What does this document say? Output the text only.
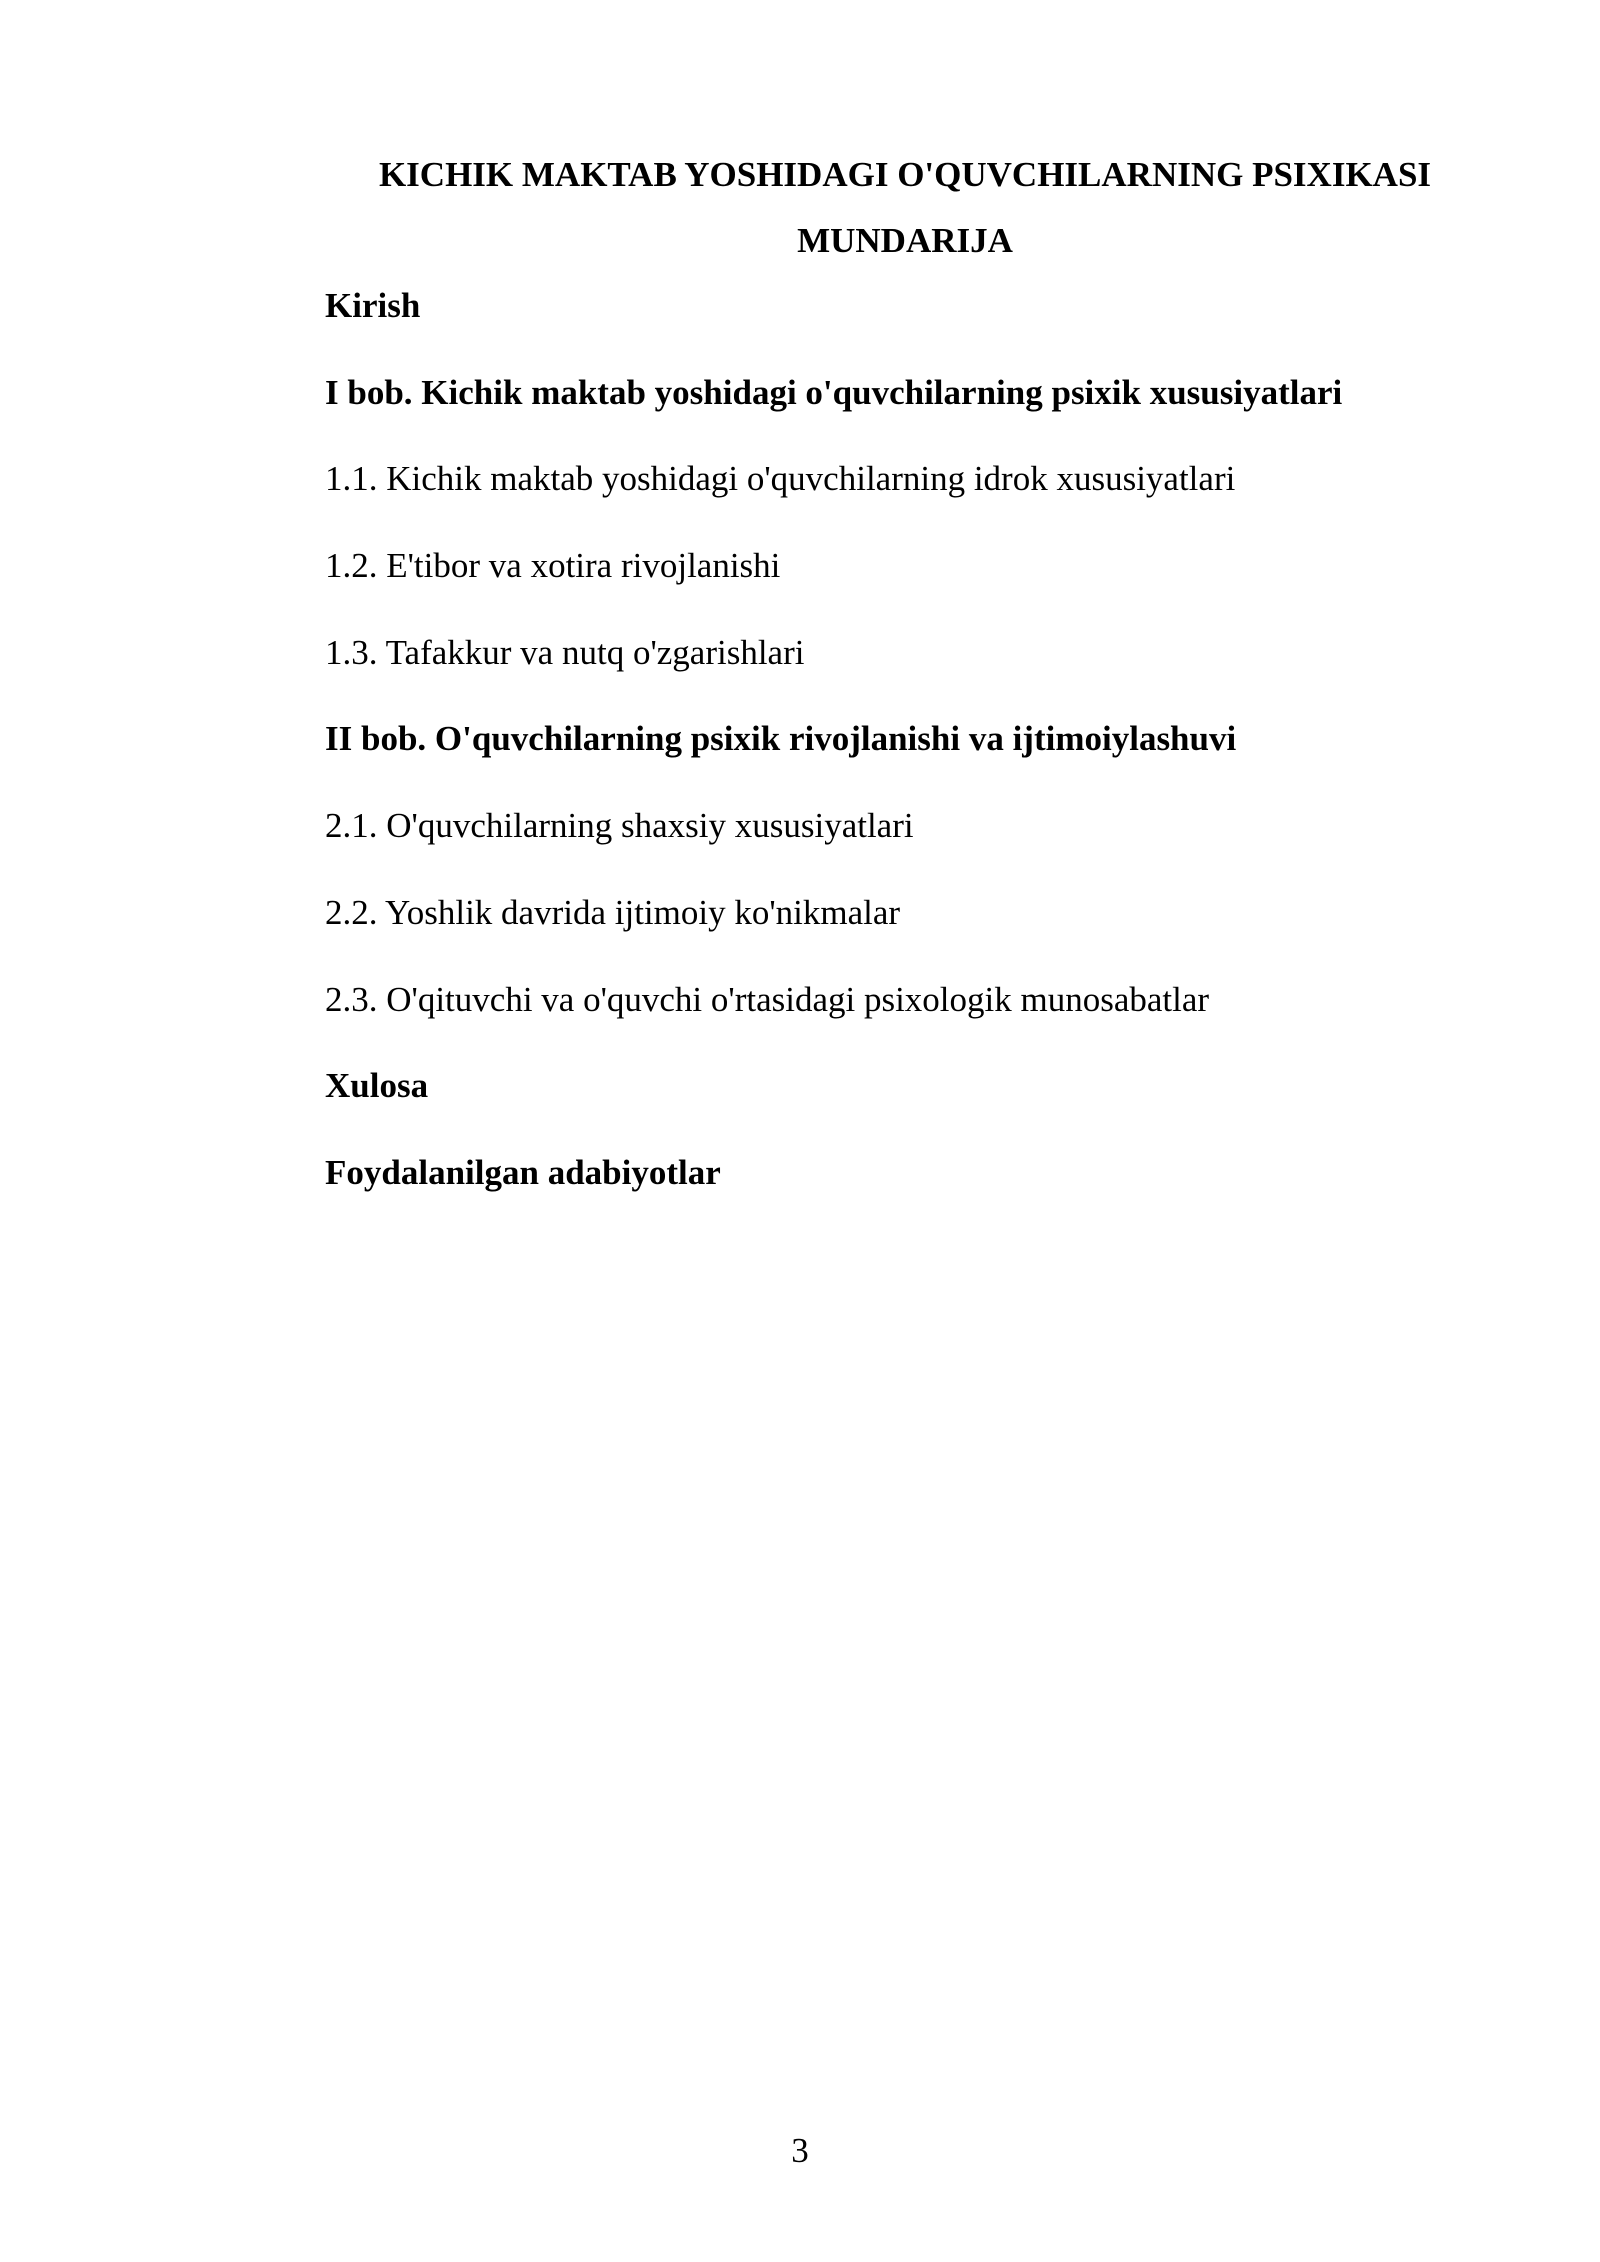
KICHIK MAKTAB YOSHIDAGI O'QUVCHILARNING PSIXIKASI
MUNDARIJA
Kirish
I bob. Kichik maktab yoshidagi o'quvchilarning psixik xususiyatlari
1.1. Kichik maktab yoshidagi o'quvchilarning idrok xususiyatlari
1.2. E'tibor va xotira rivojlanishi
1.3. Tafakkur va nutq o'zgarishlari
II bob. O'quvchilarning psixik rivojlanishi va ijtimoiylashuvi
2.1. O'quvchilarning shaxsiy xususiyatlari
2.2. Yoshlik davrida ijtimoiy ko'nikmalar
2.3. O'qituvchi va o'quvchi o'rtasidagi psixologik munosabatlar
Xulosa
Foydalanilgan adabiyotlar
3
